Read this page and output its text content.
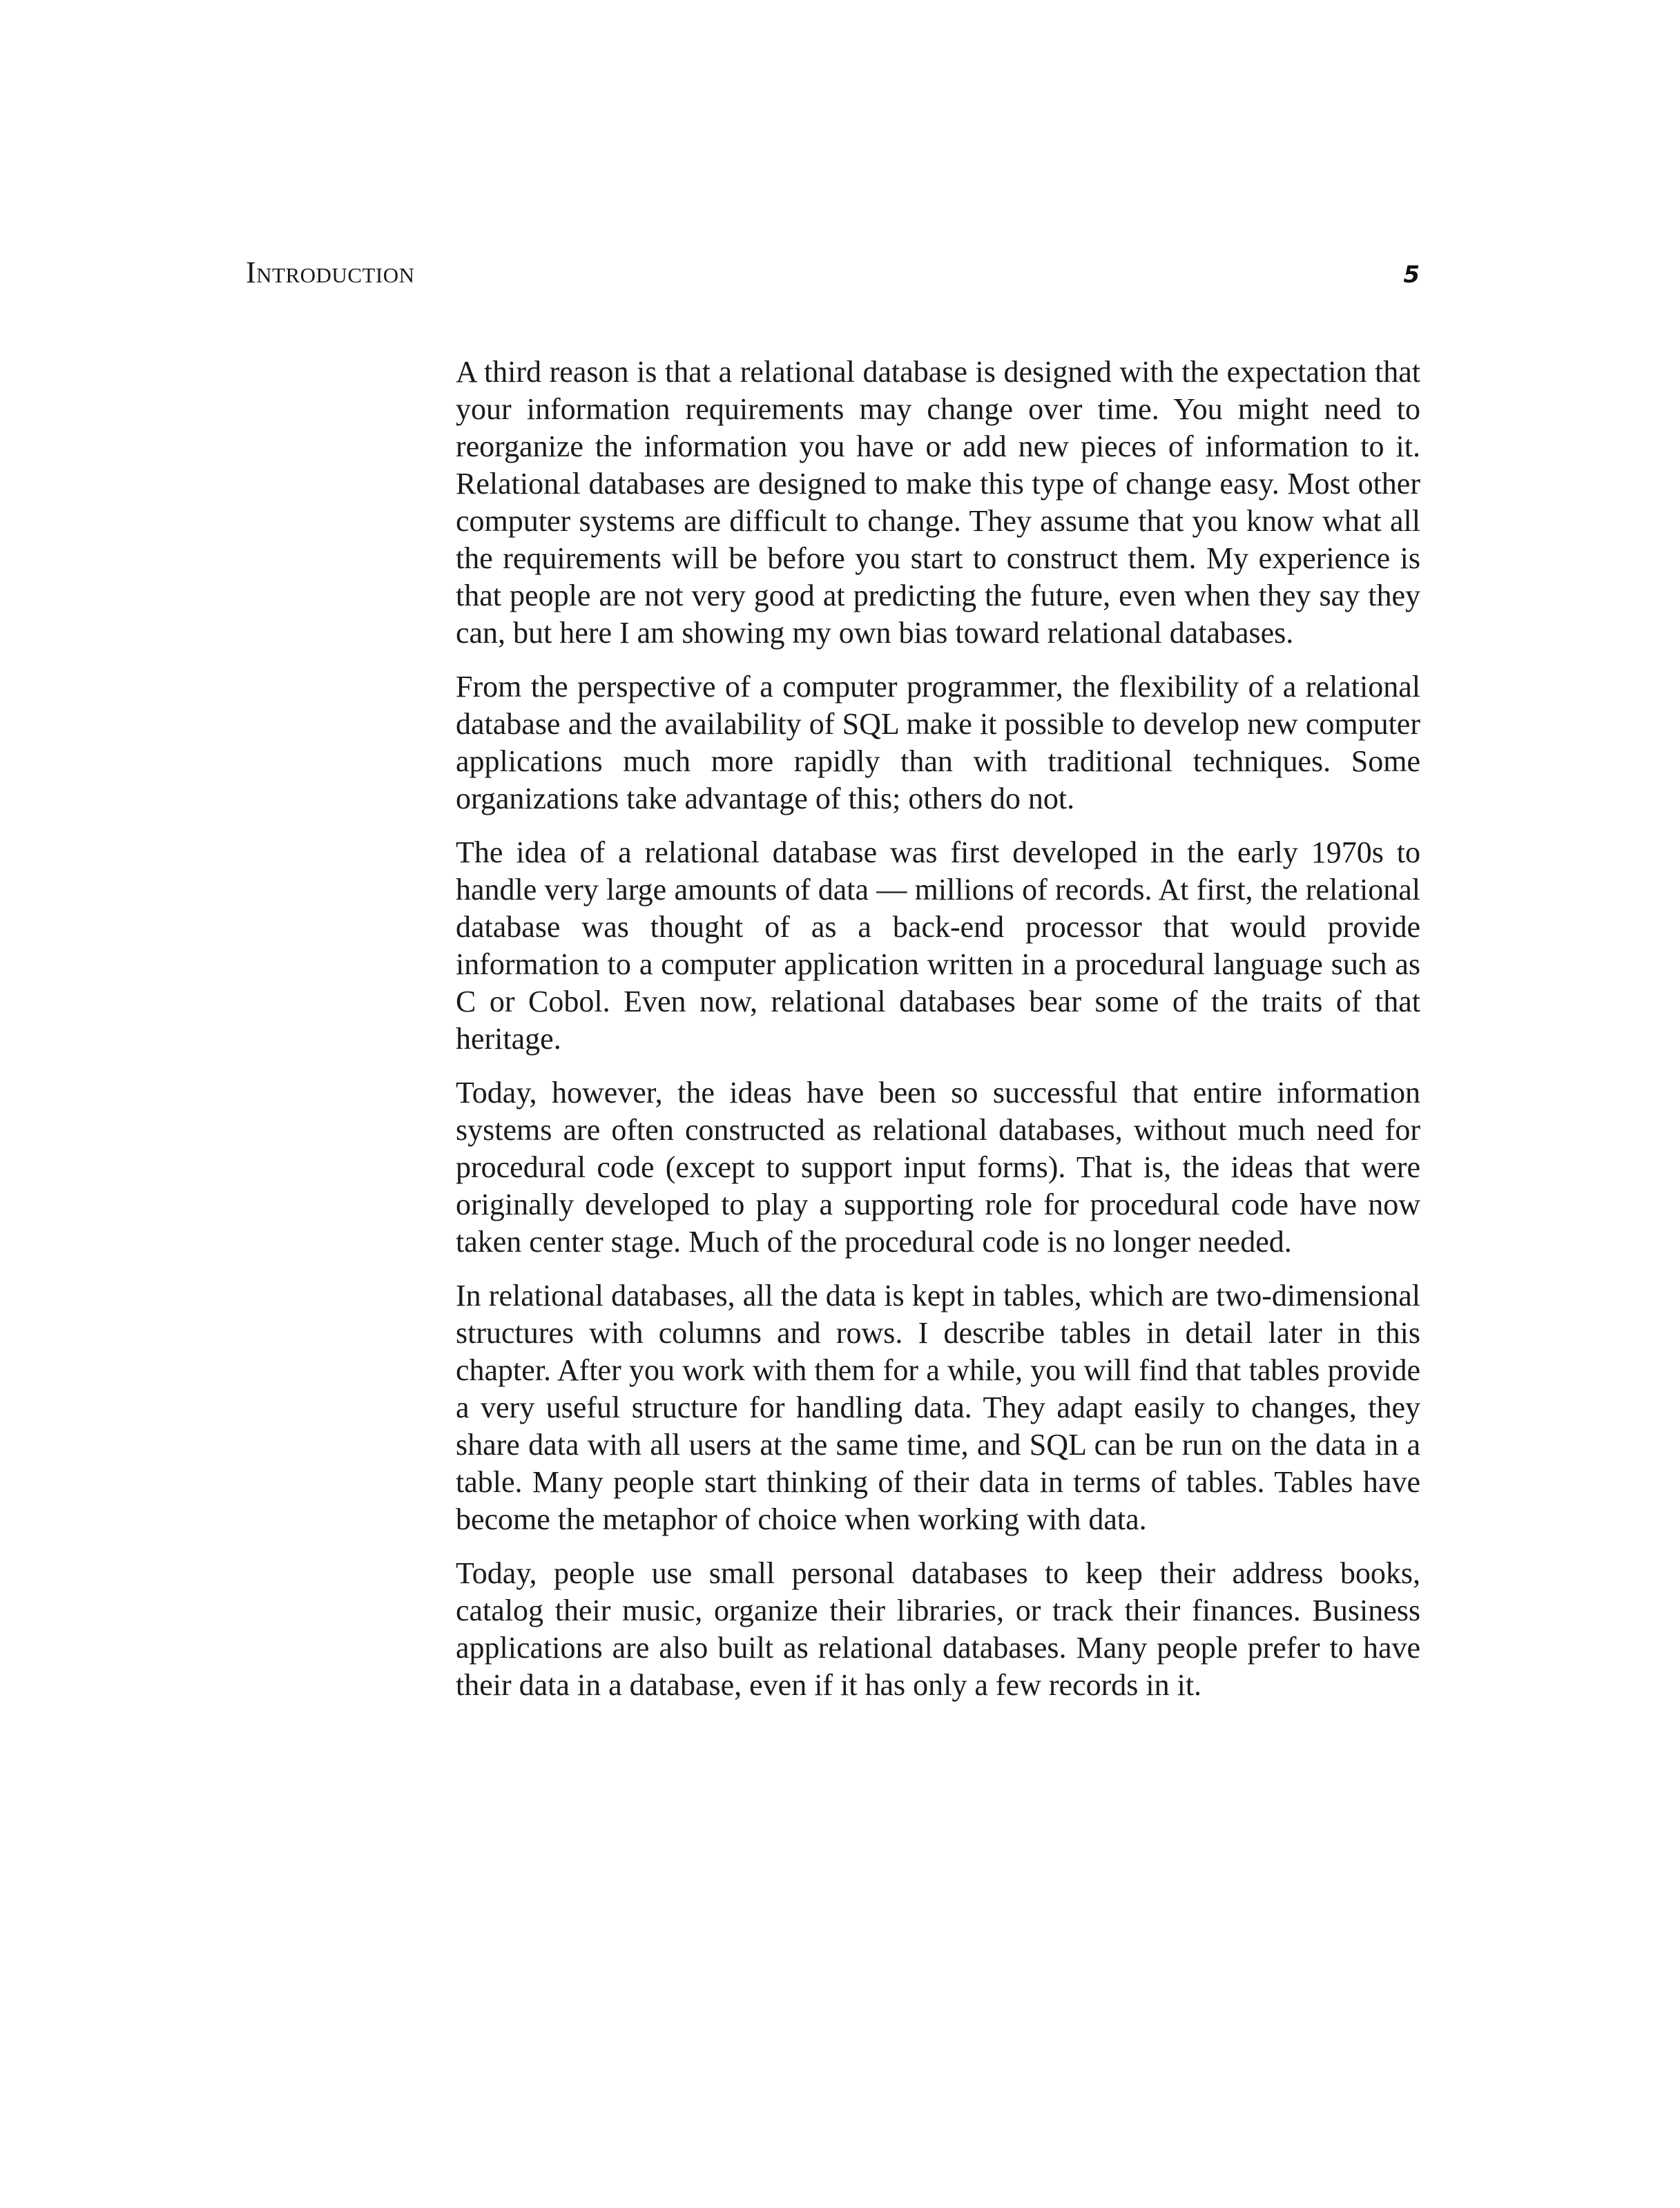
Introduction	5

A third reason is that a relational database is designed with the expectation that your information requirements may change over time. You might need to reorganize the information you have or add new pieces of information to it. Relational databases are designed to make this type of change easy. Most other computer systems are difficult to change. They assume that you know what all the requirements will be before you start to construct them. My experience is that people are not very good at predicting the future, even when they say they can, but here I am showing my own bias toward relational databases.

From the perspective of a computer programmer, the flexibility of a relational database and the availability of SQL make it possible to develop new computer applications much more rapidly than with traditional techniques. Some organizations take advantage of this; others do not.

The idea of a relational database was first developed in the early 1970s to handle very large amounts of data — millions of records. At first, the relational database was thought of as a back-end processor that would provide information to a computer application written in a procedural language such as C or Cobol. Even now, relational databases bear some of the traits of that heritage.

Today, however, the ideas have been so successful that entire information systems are often constructed as relational databases, without much need for procedural code (except to support input forms). That is, the ideas that were originally developed to play a supporting role for procedural code have now taken center stage. Much of the procedural code is no longer needed.

In relational databases, all the data is kept in tables, which are two-dimensional structures with columns and rows. I describe tables in detail later in this chapter. After you work with them for a while, you will find that tables provide a very useful structure for handling data. They adapt easily to changes, they share data with all users at the same time, and SQL can be run on the data in a table. Many people start thinking of their data in terms of tables. Tables have become the metaphor of choice when working with data.

Today, people use small personal databases to keep their address books, catalog their music, organize their libraries, or track their finances. Business applications are also built as relational databases. Many people prefer to have their data in a database, even if it has only a few records in it.
